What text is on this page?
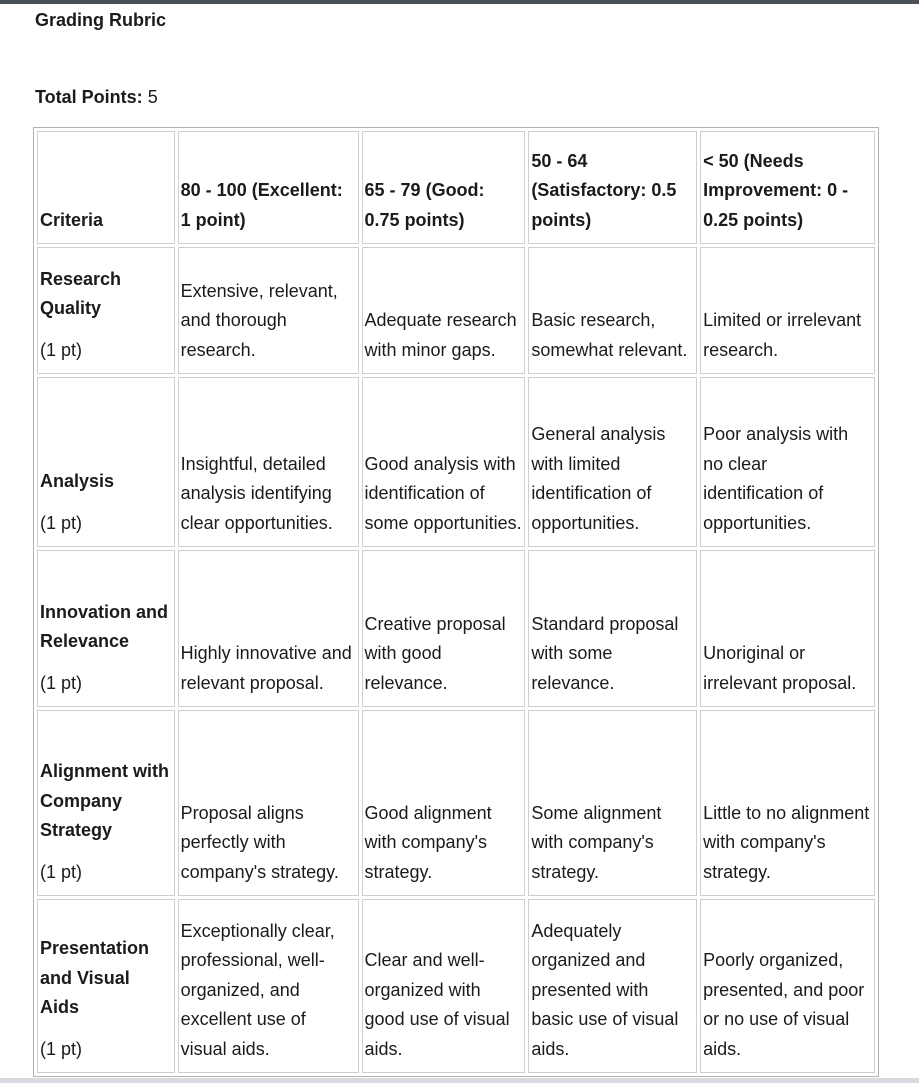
Grading Rubric
Total Points: 5
Criteria	80 - 100 (Excellent: 1 point)	65 - 79 (Good: 0.75 points)	50 - 64 (Satisfactory: 0.5 points)	< 50 (Needs Improvement: 0 - 0.25 points)

Research Quality
(1 pt)	Extensive, relevant, and thorough research.	Adequate research with minor gaps.	Basic research, somewhat relevant.	Limited or irrelevant research.

Analysis
(1 pt)	Insightful, detailed analysis identifying clear opportunities.	Good analysis with identification of some opportunities.	General analysis with limited identification of opportunities.	Poor analysis with no clear identification of opportunities.

Innovation and Relevance
(1 pt)	Highly innovative and relevant proposal.	Creative proposal with good relevance.	Standard proposal with some relevance.	Unoriginal or irrelevant proposal.

Alignment with Company Strategy
(1 pt)	Proposal aligns perfectly with company's strategy.	Good alignment with company's strategy.	Some alignment with company's strategy.	Little to no alignment with company's strategy.

Presentation and Visual Aids
(1 pt)	Exceptionally clear, professional, well-organized, and excellent use of visual aids.	Clear and well-organized with good use of visual aids.	Adequately organized and presented with basic use of visual aids.	Poorly organized, presented, and poor or no use of visual aids.
